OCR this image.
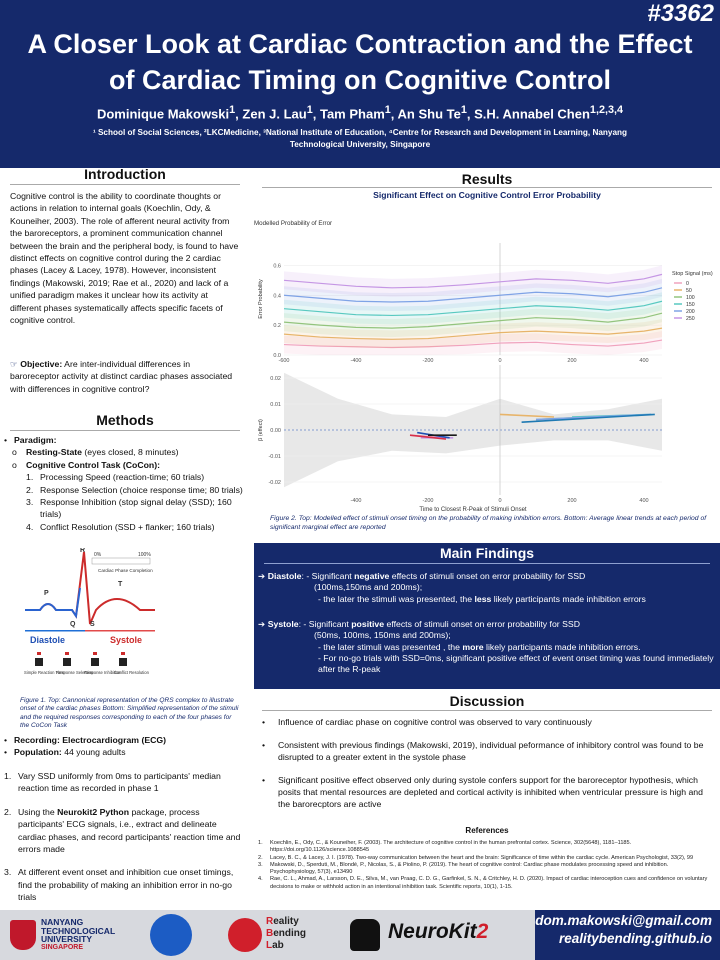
#3362
A Closer Look at Cardiac Contraction and the Effect
of Cardiac Timing on Cognitive Control
Dominique Makowski$^1$, Zen J. Lau$^1$, Tam Pham$^1$, An Shu Te$^1$, S.H. Annabel Chen$^{1,2,3,4}$
¹ School of Social Sciences, ²LKCMedicine, ³National Institute of Education, ⁴Centre for Research and Development in Learning, Nanyang Technological University, Singapore
Introduction
Cognitive control is the ability to coordinate thoughts or actions in relation to internal goals (Koechlin, Ody, & Kouneiher, 2003). The role of afferent neural activity from the baroreceptors, a prominent communication channel between the brain and the peripheral body, is found to have distinct effects on cognitive control during the 2 cardiac phases (Lacey & Lacey, 1978). However, inconsistent findings (Makowski, 2019; Rae et al., 2020) and lack of a unified paradigm makes it unclear how its activity at different phases systematically affects specific facets of cognitive control.
☞ Objective: Are inter-individual differences in baroreceptor activity at distinct cardiac phases associated with differences in cognitive control?
Methods
• Paradigm:
o Resting-State (eyes closed, 8 minutes)
o Cognitive Control Task (CoCon):
1. Processing Speed (reaction-time; 60 trials)
2. Response Selection (choice response time; 80 trials)
3. Response Inhibition (stop signal delay (SSD); 160 trials)
4. Conflict Resolution (SSD + flanker; 160 trials)
0%	100%
Cardiac Phase Completion
R
P
T
Q S
Diastole	Systole
Simple Reaction Time
Response Selection
Response Inhibition
Conflict Resolution
Figure 1. Top: Cannonical representation of the QRS complex to illustrate onset of the cardiac phases Bottom: Simplified representation of the stimuli and the required responses corresponding to each of the four phases for the CoCon Task
• Recording: Electrocardiogram (ECG)
• Population: 44 young adults
1. Vary SSD uniformly from 0ms to participants' median reaction time as recorded in phase 1
2. Using the Neurokit2 Python package, process participants' ECG signals, i.e., extract and delineate cardiac phases, and record participants' reaction time and errors made
3. At different event onset and inhibition cue onset timings, find the probability of making an inhibition error in no-go trials
Results
Significant Effect on Cognitive Control Error Probability
0.0
0.2
0.4
0.6
-600	-400	-200	0	200	400
Modelled Probability of Error
Error Probability
Stop Signal (ms)
0
50
100
150
200
250
0.02
0.01
0.00
-0.01
-0.02
-400	-200	0	200	400
β (effect)
Time to Closest R-Peak of Stimuli Onset
Figure 2. Top: Modelled effect of stimuli onset timing on the probability of making inhibition errors. Bottom: Average linear trends at each period of significant marginal effect are reported
Main Findings
➔ Diastole: - Significant negative effects of stimuli onset on error probability for SSD
(100ms,150ms and 200ms);
- the later the stimuli was presented, the less likely participants made inhibition errors
➔ Systole: - Significant positive effects of stimuli onset on error probability for SSD
(50ms, 100ms, 150ms and 200ms);
- the later stimuli was presented , the more likely participants made inhibition errors.
- For no-go trials with SSD=0ms, significant positive effect of event onset timing was found immediately after the R-peak
Discussion
• Influence of cardiac phase on cognitive control was observed to vary continuously
• Consistent with previous findings (Makowski, 2019), individual peformance of inhibitory control was found to be disrupted to a greater extent in the systole phase
• Significant positive effect observed only during systole confers support for the baroreceptor hypothesis, which posits that mental resources are depleted and cortical activity is inhibited when ventricular pressure is high and the barorecptors are active
References
1. Koechlin, E., Ody, C., & Kouneiher, F. (2003). The architecture of cognitive control in the human prefrontal cortex. Science, 302(5648), 1181–1185. https://doi.org/10.1126/science.1088545
2. Lacey, B. C., & Lacey, J. I. (1978). Two-way communication between the heart and the brain: Significance of time within the cardiac cycle. American Psychologist, 33(2), 99
3. Makowski, D., Sperduti, M., Blondé, P., Nicolas, S., & Piolino, P. (2019). The heart of cognitive control: Cardiac phase modulates processing speed and inhibition. Psychophysiology, 57(3), e13490
4. Rae, C. L., Ahmad, A., Larsson, D. E., Silva, M., van Praag, C. D. G., Garfinkel, S. N., & Critchley, H. D. (2020). Impact of cardiac interoception cues and confidence on voluntary decisions to make or withhold action in an intentional inhibition task. Scientific reports, 10(1), 1-15.
NANYANG
TECHNOLOGICAL
UNIVERSITY
SINGAPORE
Reality
Bending
Lab
NeuroKit2	dom.makowski@gmail.com
realitybending.github.io
